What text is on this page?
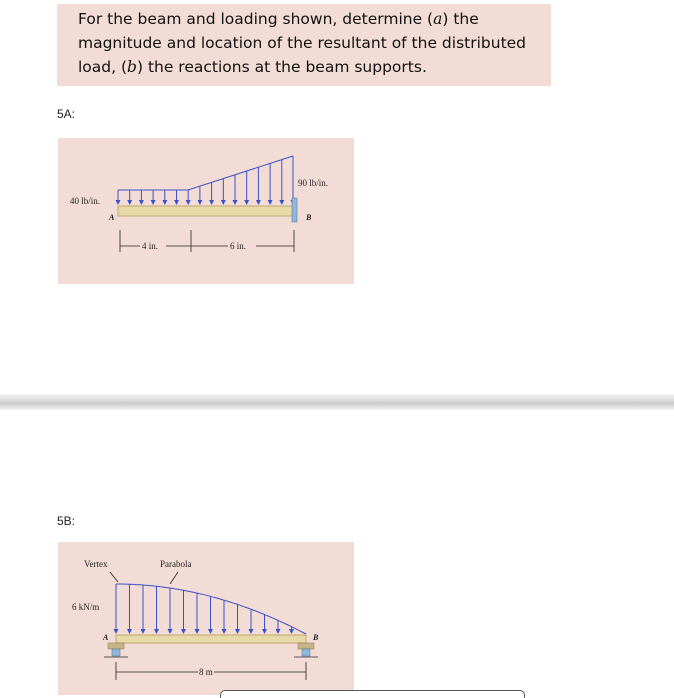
For the beam and loading shown, determine (a) the

magnitude and location of the resultant of the distributed

load, (b) the reactions at the beam supports.

5A:
4 in.	6 in.
40 lb/in.
90 lb/in.
A	B
5B:
8 m
Vertex	Parabola
6 kN/m
A	B
